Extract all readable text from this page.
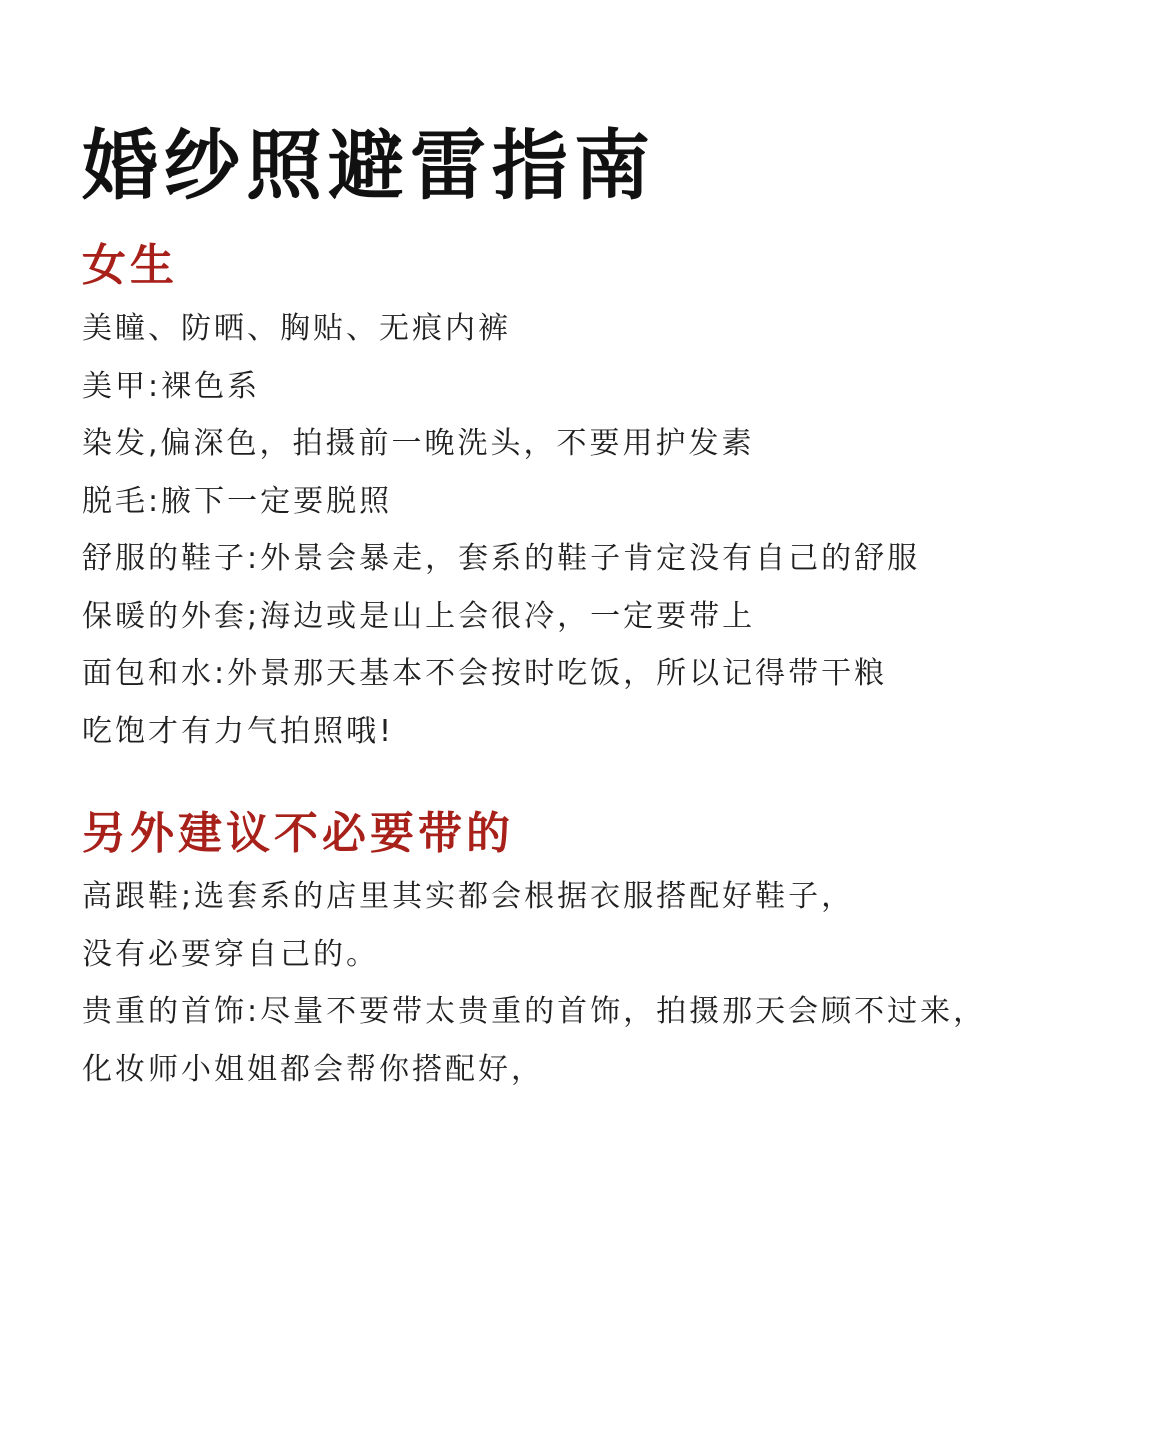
婚纱照避雷指南
女生
美瞳、防晒、胸贴、无痕内裤
美甲:裸色系
染发,偏深色，拍摄前一晚洗头，不要用护发素
脱毛:腋下一定要脱照
舒服的鞋子:外景会暴走，套系的鞋子肯定没有自己的舒服
保暖的外套;海边或是山上会很冷，一定要带上
面包和水:外景那天基本不会按时吃饭，所以记得带干粮
吃饱才有力气拍照哦!
另外建议不必要带的
高跟鞋;选套系的店里其实都会根据衣服搭配好鞋子，
没有必要穿自己的。
贵重的首饰:尽量不要带太贵重的首饰，拍摄那天会顾不过来，
化妆师小姐姐都会帮你搭配好，
